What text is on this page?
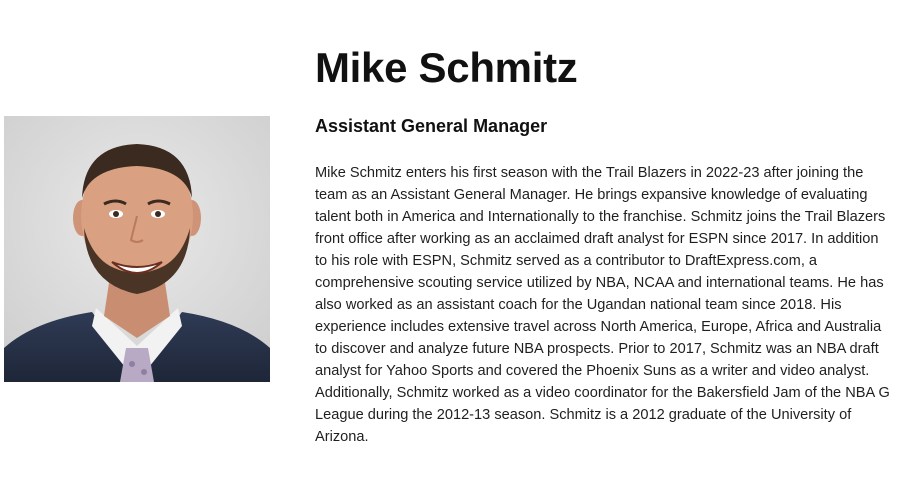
Mike Schmitz
Assistant General Manager

Mike Schmitz enters his first season with the Trail Blazers in 2022-23 after joining the team as an Assistant General Manager. He brings expansive knowledge of evaluating talent both in America and Internationally to the franchise. Schmitz joins the Trail Blazers front office after working as an acclaimed draft analyst for ESPN since 2017. In addition to his role with ESPN, Schmitz served as a contributor to DraftExpress.com, a comprehensive scouting service utilized by NBA, NCAA and international teams. He has also worked as an assistant coach for the Ugandan national team since 2018. His experience includes extensive travel across North America, Europe, Africa and Australia to discover and analyze future NBA prospects. Prior to 2017, Schmitz was an NBA draft analyst for Yahoo Sports and covered the Phoenix Suns as a writer and video analyst. Additionally, Schmitz worked as a video coordinator for the Bakersfield Jam of the NBA G League during the 2012-13 season. Schmitz is a 2012 graduate of the University of Arizona.
